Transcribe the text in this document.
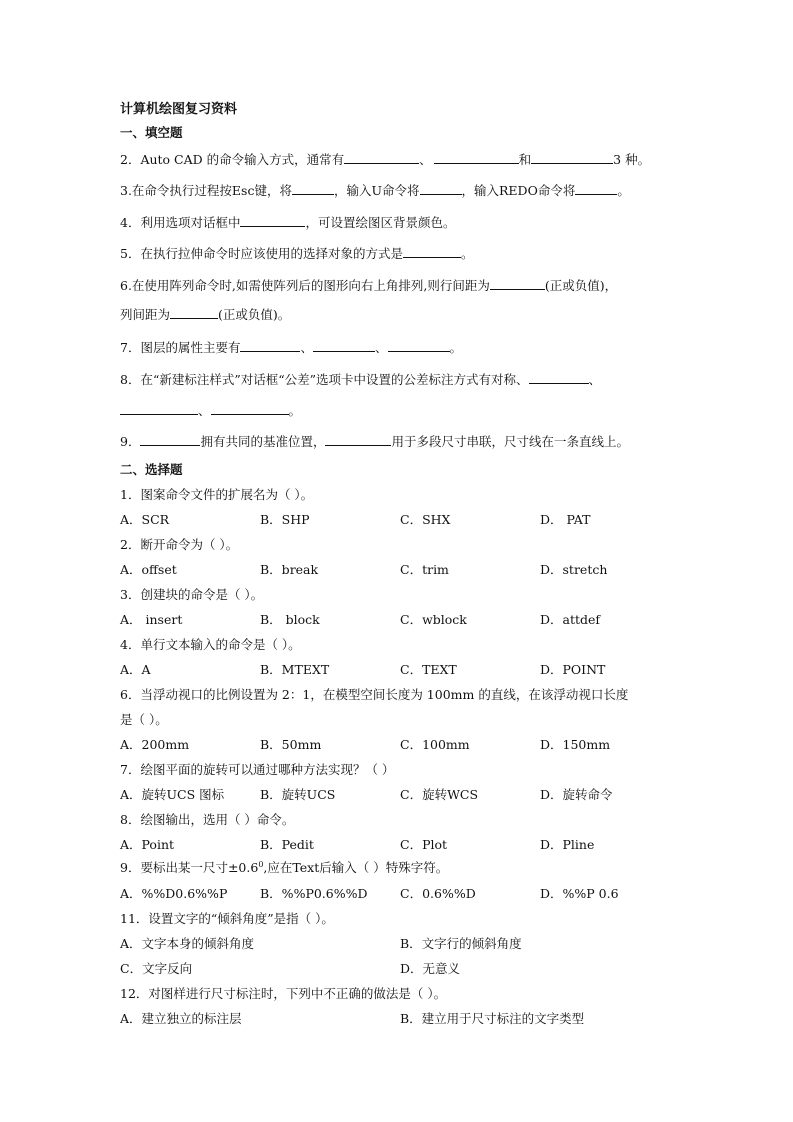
计算机绘图复习资料
一、填空题
2．Auto CAD 的命令输入方式，通常有	、	和	3 种。
3.在命令执行过程按Esc键，将	，输入U命令将	，输入REDO命令将	。
4．利用选项对话框中	，可设置绘图区背景颜色。
5．在执行拉伸命令时应该使用的选择对象的方式是	。
6.在使用阵列命令时,如需使阵列后的图形向右上角排列,则行间距为	(正或负值)，
列间距为	(正或负值)。
7．图层的属性主要有	、	、	。
8．在“新建标注样式”对话框“公差”选项卡中设置的公差标注方式有对称、	、
、	。
9．	拥有共同的基准位置，	用于多段尺寸串联，尺寸线在一条直线上。
二、选择题
1．图案命令文件的扩展名为（ ）。
A．SCR	B．SHP	C．SHX	D． PAT
2．断开命令为（ ）。
A．offset	B．break	C．trim	D．stretch
3．创建块的命令是（ ）。
A． insert	B． block	C．wblock	D．attdef
4．单行文本输入的命令是（ ）。
A．A	B．MTEXT	C．TEXT	D．POINT
6．当浮动视口的比例设置为 2：1，在模型空间长度为 100mm 的直线，在该浮动视口长度
是（ ）。
A．200mm	B．50mm	C．100mm	D．150mm
7．绘图平面的旋转可以通过哪种方法实现？（ ）
A．旋转UCS 图标	B．旋转UCS	C．旋转WCS	D．旋转命令
8．绘图输出，选用（ ）命令。
A．Point	B．Pedit	C．Plot	D．Pline
9．要标出某一尺寸$\pm 0.6^0$,应在Text后输入（ ）特殊字符。
A．%%D0.6%%P	B．%%P0.6%%D	C．0.6%%D	D．%%P 0.6
11．设置文字的“倾斜角度”是指（ ）。
A．文字本身的倾斜角度	B．文字行的倾斜角度
C．文字反向	D．无意义
12．对图样进行尺寸标注时，下列中不正确的做法是（ ）。
A．建立独立的标注层	B．建立用于尺寸标注的文字类型
